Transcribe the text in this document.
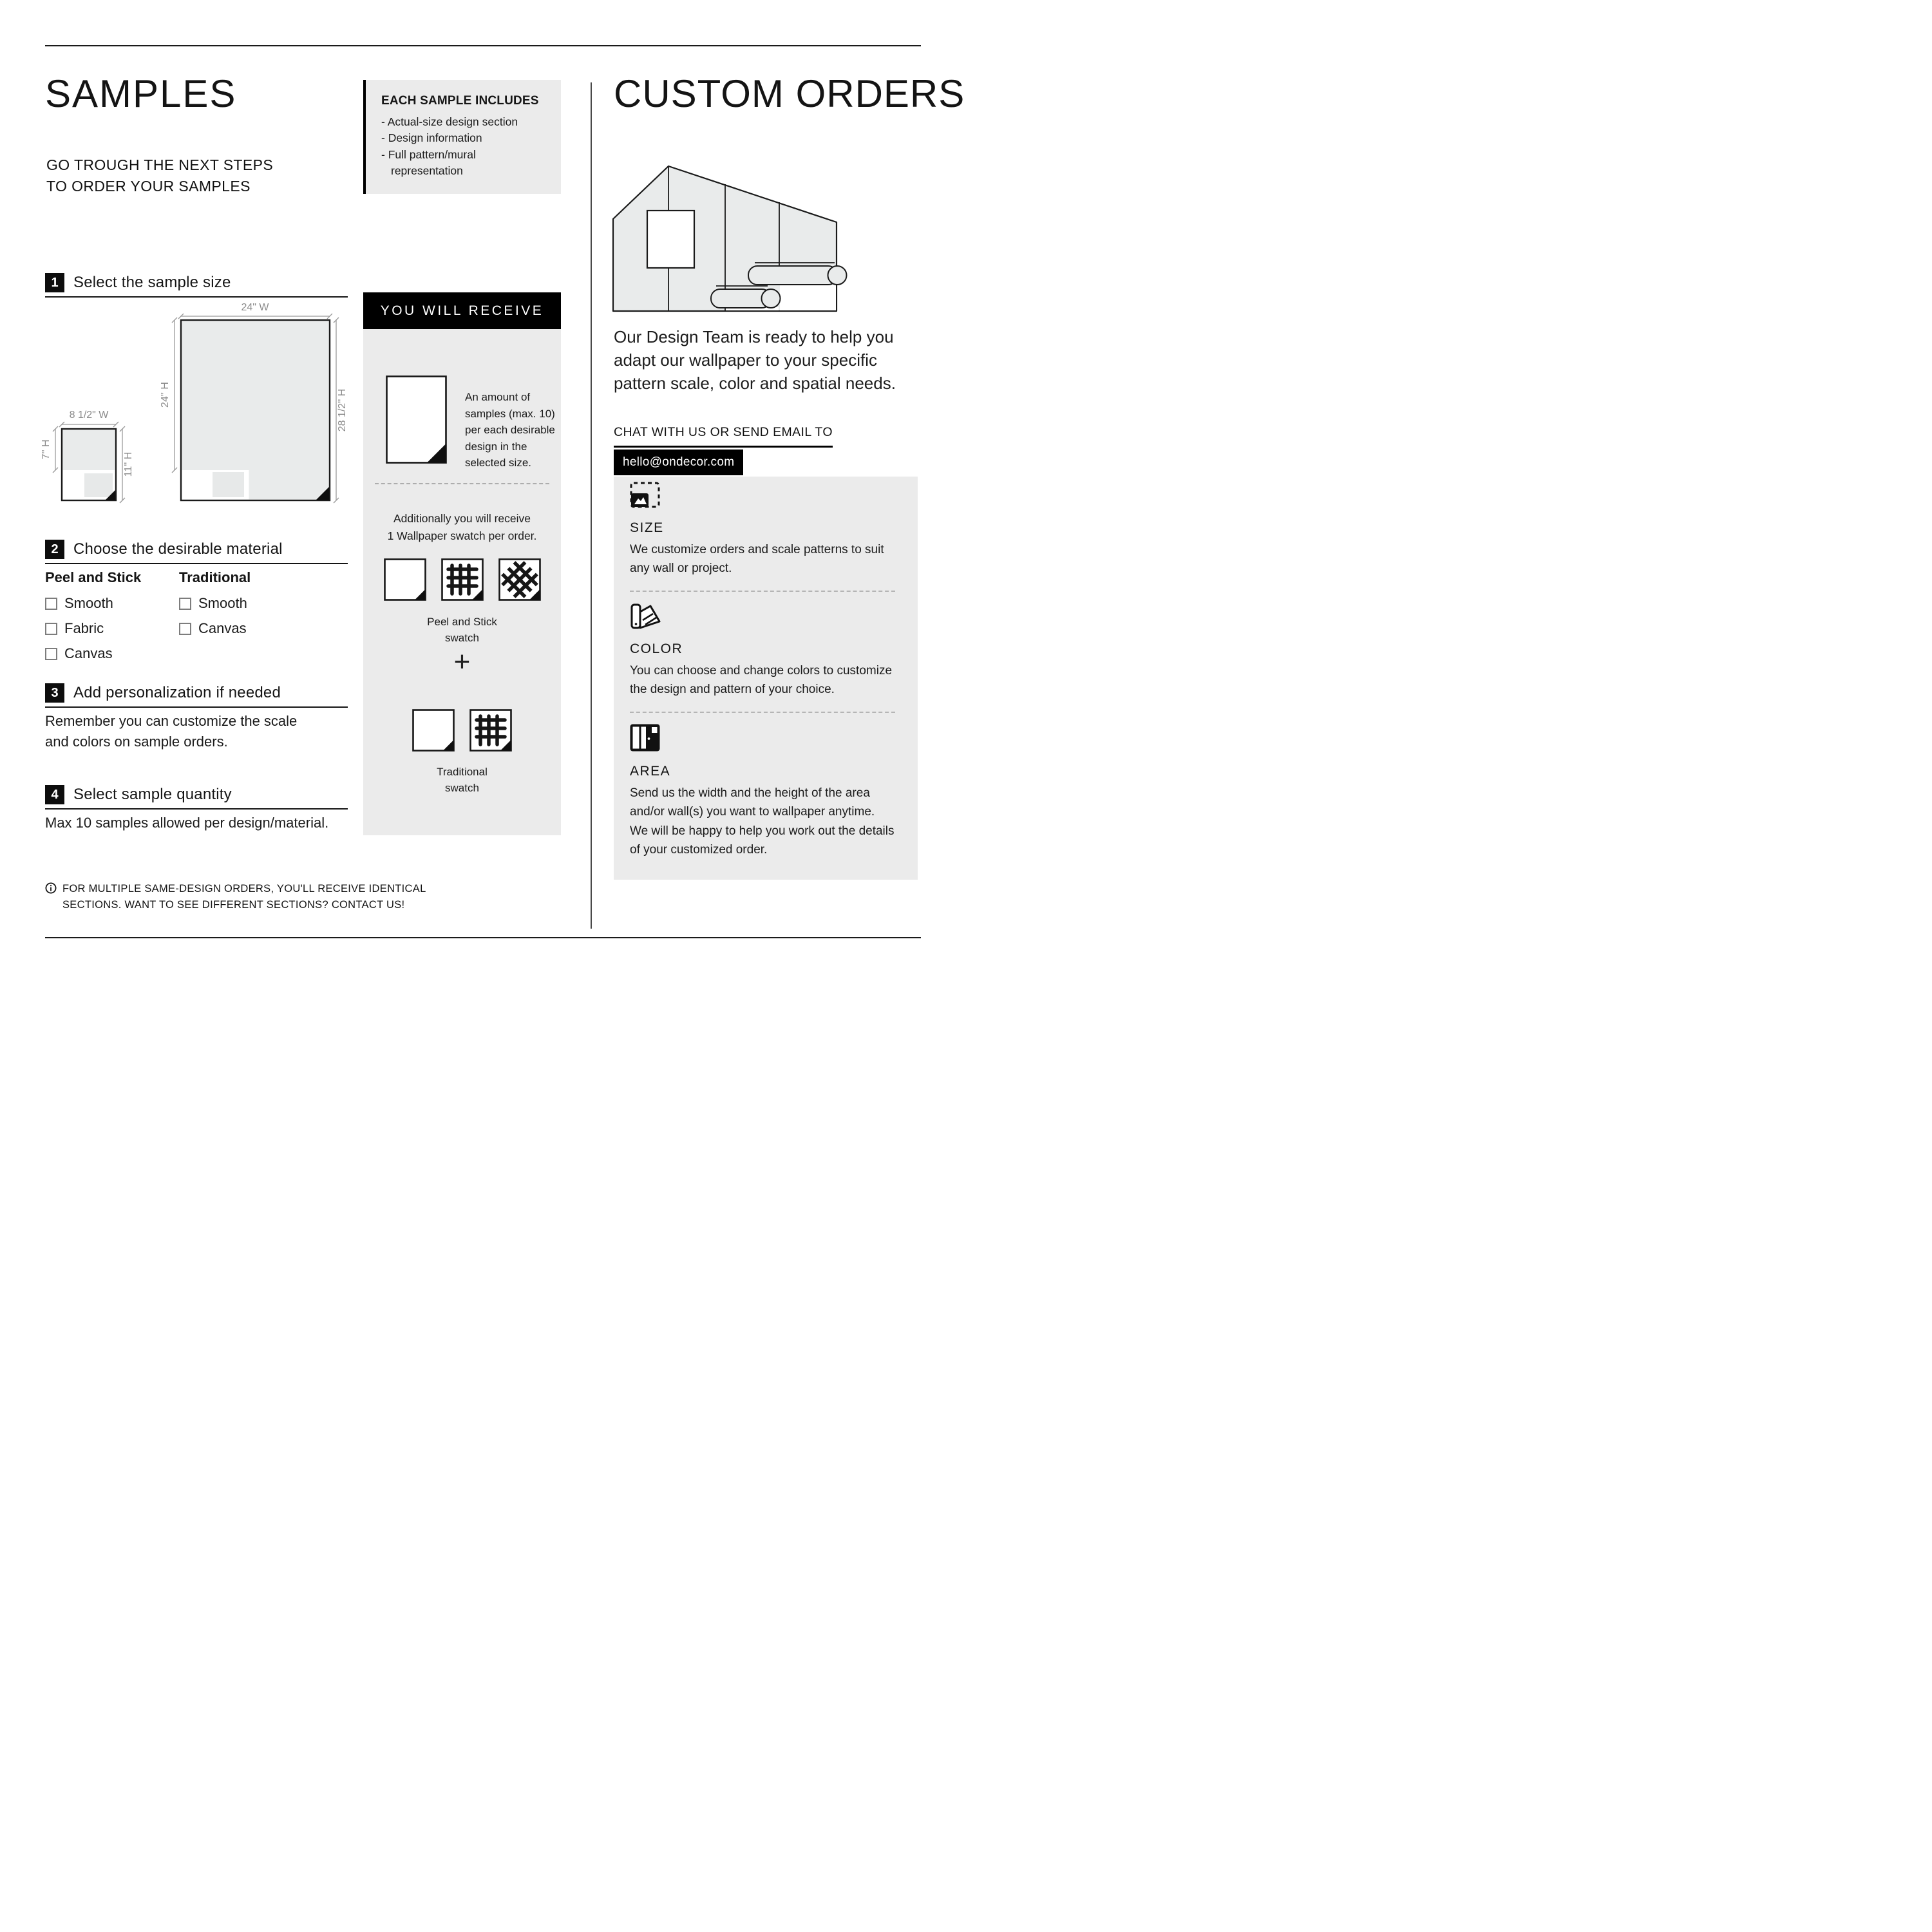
SAMPLES
GO TROUGH THE NEXT STEPS
TO ORDER YOUR SAMPLES
1 Select the sample size
24" W
24'' H	28 1/2'' H
8 1/2" W
7'' H
11'' H
2 Choose the desirable material
Peel and Stick
Smooth
Fabric
Canvas
Traditional
Smooth
Canvas
3 Add personalization if needed
Remember you can customize the scale
and colors on sample orders.
4 Select sample quantity
Max 10 samples allowed per design/material.
FOR MULTIPLE SAME-DESIGN ORDERS, YOU'LL RECEIVE IDENTICAL
SECTIONS. WANT TO SEE DIFFERENT SECTIONS? CONTACT US!
EACH SAMPLE INCLUDES
- Actual-size design section
- Design information
- Full pattern/mural representation
YOU WILL RECEIVE
An amount of samples (max. 10) per each desirable design in the selected size.
Additionally you will receive
1 Wallpaper swatch per order.
Peel and Stick
swatch
+
Traditional
swatch
CUSTOM ORDERS
Our Design Team is ready to help you
adapt our wallpaper to your specific
pattern scale, color and spatial needs.
CHAT WITH US OR SEND EMAIL TO
hello@ondecor.com
SIZE
We customize orders and scale patterns to suit any wall or project.
COLOR
You can choose and change colors to customize the design and pattern of your choice.
AREA
Send us the width and the height of the area and/or wall(s) you want to wallpaper anytime. We will be happy to help you work out the details of your customized order.
